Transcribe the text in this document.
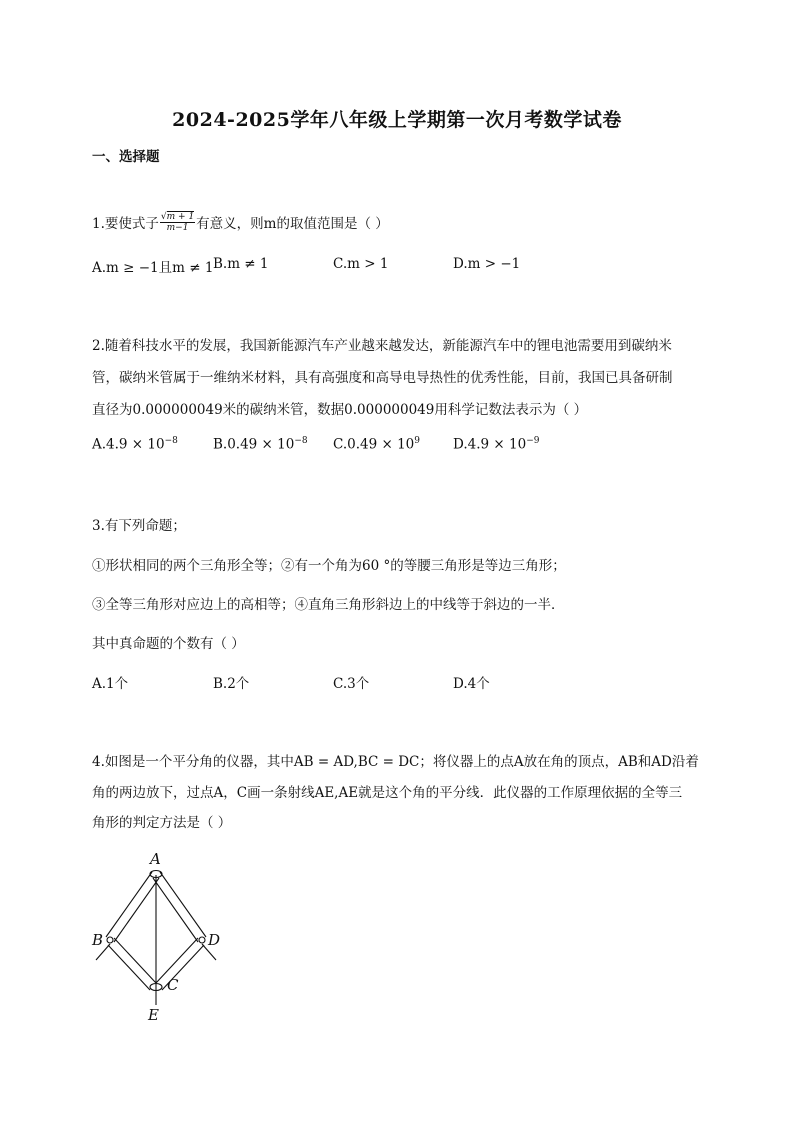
2024-2025学年八年级上学期第一次月考数学试卷
一、选择题
1.要使式子 $\frac{√m + 1}{m-1}$ 有意义，则m的取值范围是（ ）
A.m ≥ −1且m ≠ 1 B.m ≠ 1	C.m > 1	D.m > −1
2.随着科技水平的发展，我国新能源汽车产业越来越发达，新能源汽车中的锂电池需要用到碳纳米
管，碳纳米管属于一维纳米材料，具有高强度和高导电导热性的优秀性能，目前，我国已具备研制
直径为0.000000049米的碳纳米管，数据0.000000049用科学记数法表示为（ ）
$A.4.9 \times 10^{-8}$	$B.0.49 \times 10^{-8}$ $C.0.49 \times 10^9$ $D.4.9 \times 10^{-9}$
3.有下列命题；
①形状相同的两个三角形全等；②有一个角为60 °的等腰三角形是等边三角形；
③全等三角形对应边上的高相等；④直角三角形斜边上的中线等于斜边的一半．
其中真命题的个数有（ ）
A.1个	B.2个	C.3个	D.4个
4.如图是一个平分角的仪器，其中AB = AD,BC = DC；将仪器上的点A放在角的顶点，AB和AD沿着
角的两边放下，过点A，C画一条射线AE,AE就是这个角的平分线．此仪器的工作原理依据的全等三
角形的判定方法是（ ）
A
B
C
D
E
